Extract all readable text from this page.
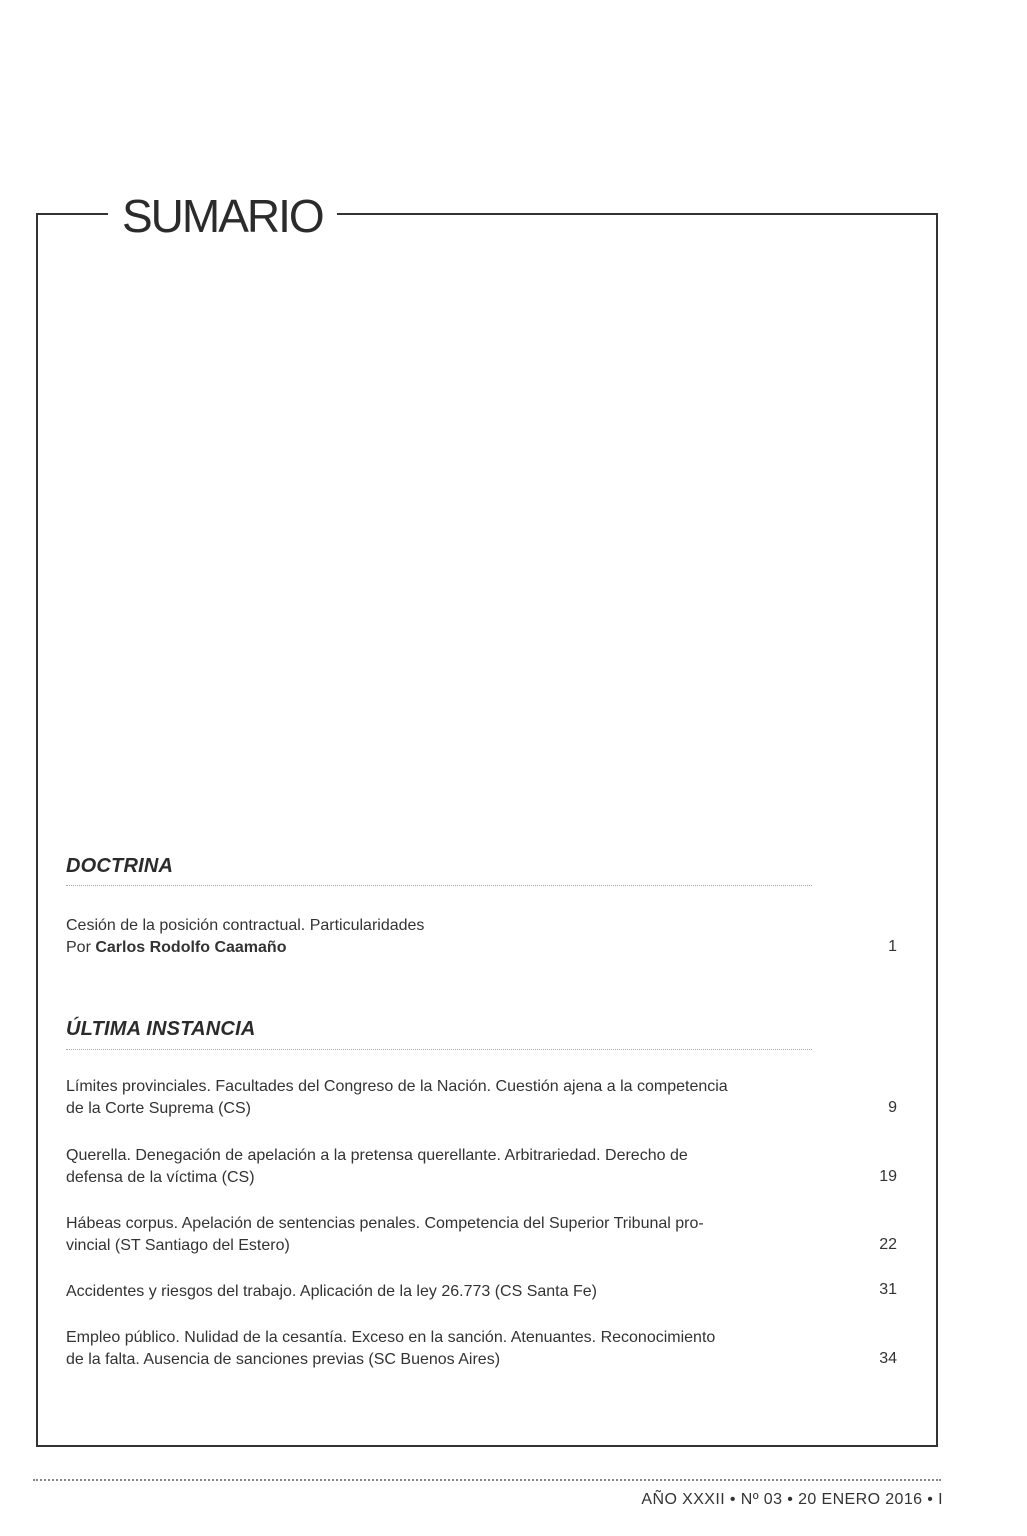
SUMARIO
DOCTRINA
Cesión de la posición contractual. Particularidades
Por Carlos Rodolfo Caamaño	1
ÚLTIMA INSTANCIA
Límites provinciales. Facultades del Congreso de la Nación. Cuestión ajena a la competencia
de la Corte Suprema (CS)	9
Querella. Denegación de apelación a la pretensa querellante. Arbitrariedad. Derecho de
defensa de la víctima (CS)	19
Hábeas corpus. Apelación de sentencias penales. Competencia del Superior Tribunal pro-
vincial (ST Santiago del Estero)	22
Accidentes y riesgos del trabajo. Aplicación de la ley 26.773 (CS Santa Fe)	31
Empleo público. Nulidad de la cesantía. Exceso en la sanción. Atenuantes. Reconocimiento
de la falta. Ausencia de sanciones previas (SC Buenos Aires)	34
AÑO XXXII • Nº 03 • 20 ENERO 2016 • I
